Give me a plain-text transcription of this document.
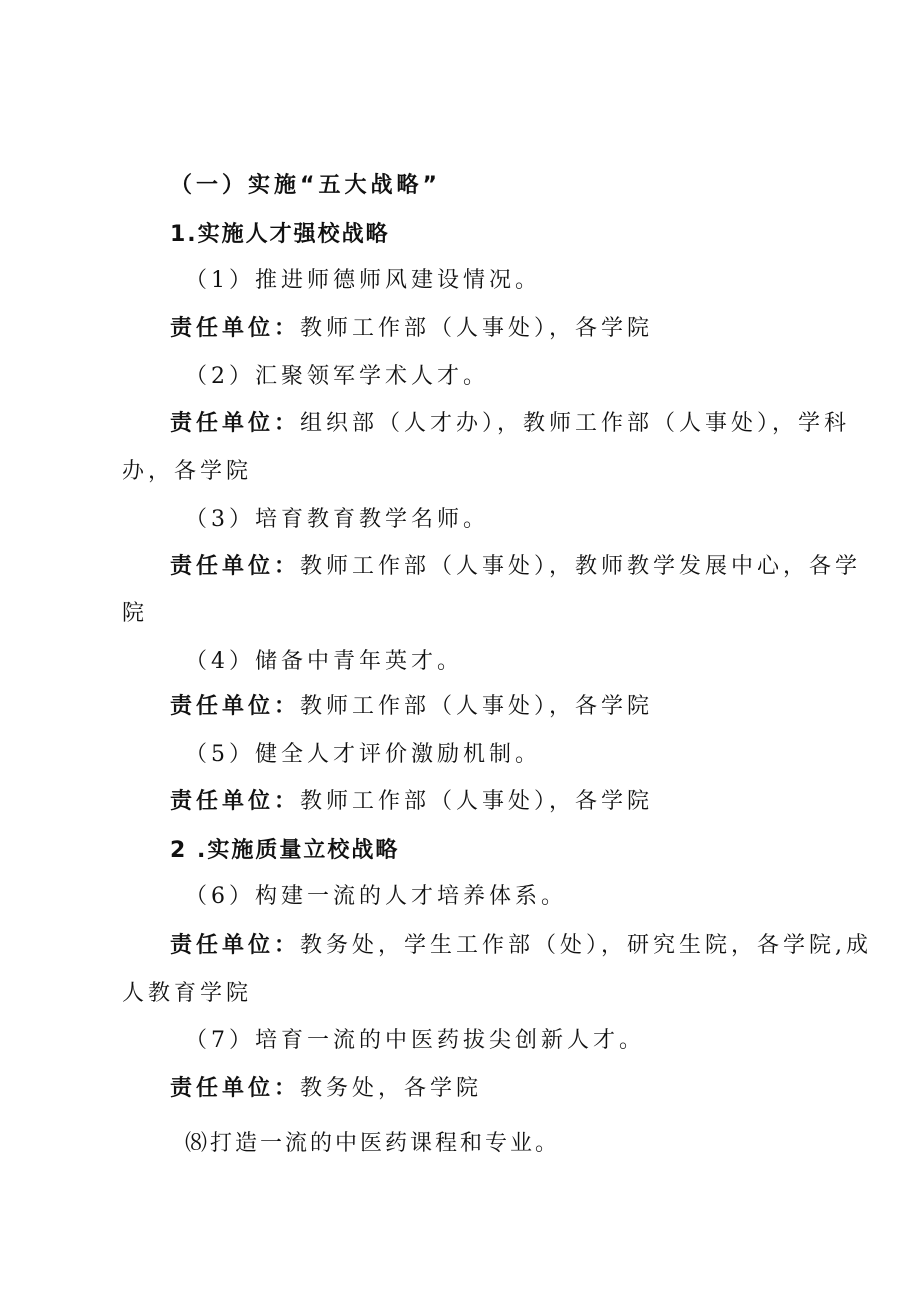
（一）实施“五大战略”
1.实施人才强校战略
（1）推进师德师风建设情况。
责任单位：教师工作部（人事处），各学院
（2）汇聚领军学术人才。
责任单位：组织部（人才办），教师工作部（人事处），学科
办，各学院
（3）培育教育教学名师。
责任单位：教师工作部（人事处），教师教学发展中心，各学
院
（4）储备中青年英才。
责任单位：教师工作部（人事处），各学院
（5）健全人才评价激励机制。
责任单位：教师工作部（人事处），各学院
2 .实施质量立校战略
（6）构建一流的人才培养体系。
责任单位：教务处，学生工作部（处），研究生院，各学院,成
人教育学院
（7）培育一流的中医药拔尖创新人才。
责任单位：教务处，各学院
⑻打造一流的中医药课程和专业。
